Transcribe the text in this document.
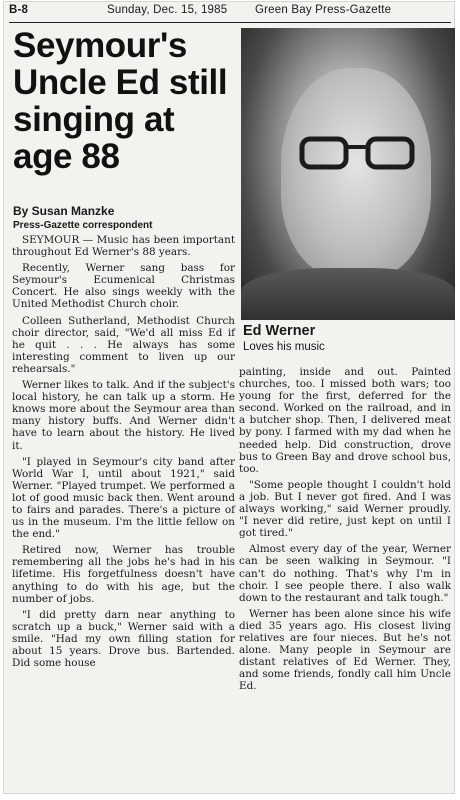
B-8	Sunday, Dec. 15, 1985 Green Bay Press-Gazette
Seymour's Uncle Ed still singing at age 88
Ed Werner
Loves his music
By Susan Manzke
Press-Gazette correspondent

SEYMOUR — Music has been important throughout Ed Werner's 88 years.

Recently, Werner sang bass for Seymour's Ecumenical Christmas Concert. He also sings weekly with the United Methodist Church choir.

Colleen Sutherland, Methodist Church choir director, said, "We'd all miss Ed if he quit . . . He always has some interesting comment to liven up our rehearsals."

Werner likes to talk. And if the subject's local history, he can talk up a storm. He knows more about the Seymour area than many history buffs. And Werner didn't have to learn about the history. He lived it.

"I played in Seymour's city band after World War I, until about 1921," said Werner. "Played trumpet. We performed a lot of good music back then. Went around to fairs and parades. There's a picture of us in the museum. I'm the little fellow on the end."

Retired now, Werner has trouble remembering all the jobs he's had in his lifetime. His forgetfulness doesn't have anything to do with his age, but the number of jobs.

"I did pretty darn near anything to scratch up a buck," Werner said with a smile. "Had my own filling station for about 15 years. Drove bus. Bartended. Did some house

painting, inside and out. Painted churches, too. I missed both wars; too young for the first, deferred for the second. Worked on the railroad, and in a butcher shop. Then, I delivered meat by pony. I farmed with my dad when he needed help. Did construction, drove bus to Green Bay and drove school bus, too.

"Some people thought I couldn't hold a job. But I never got fired. And I was always working," said Werner proudly. "I never did retire, just kept on until I got tired."

Almost every day of the year, Werner can be seen walking in Seymour. "I can't do nothing. That's why I'm in choir. I see people there. I also walk down to the restaurant and talk tough."

Werner has been alone since his wife died 35 years ago. His closest living relatives are four nieces. But he's not alone. Many people in Seymour are distant relatives of Ed Werner. They, and some friends, fondly call him Uncle Ed.
